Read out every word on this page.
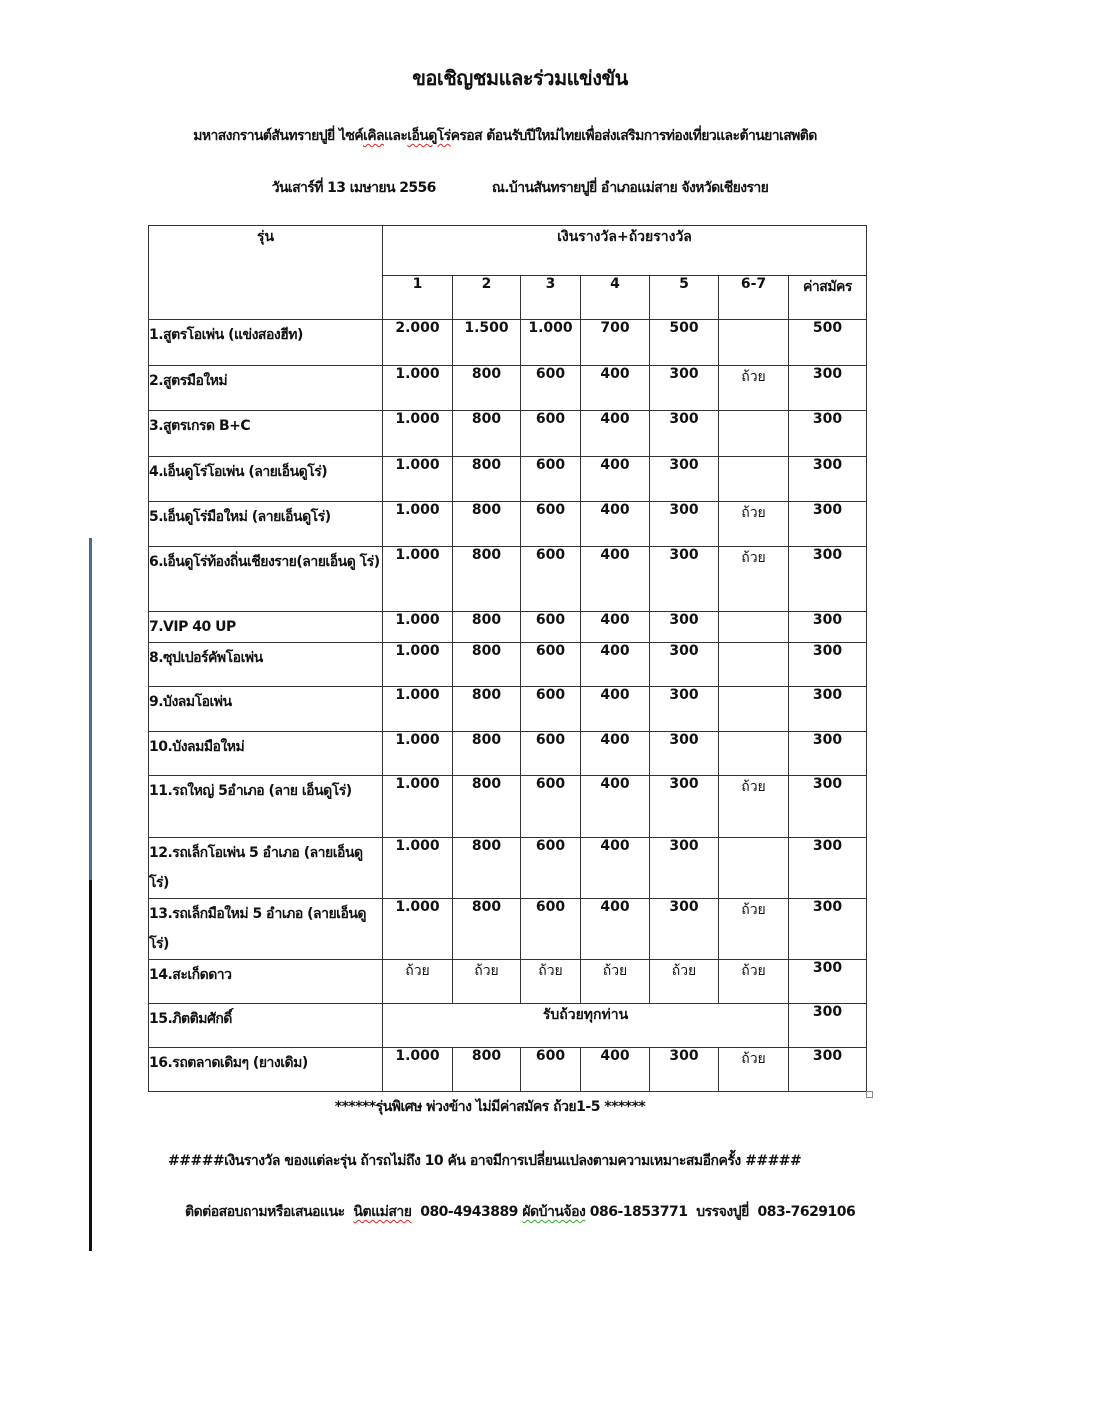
ขอเชิญชมและร่วมแข่งขัน
มหาสงกรานต์สันทรายปูยี่ ไซค์เคิลและเอ็นดูโร่ครอส ต้อนรับปีใหม่ไทยเพื่อส่งเสริมการท่องเที่ยวและต้านยาเสพติด
วันเสาร์ที่ 13 เมษายน 2556	ณ.บ้านสันทรายปูยี่ อำเภอแม่สาย จังหวัดเชียงราย
รุ่น	เงินรางวัล+ถ้วยรางวัล						
	1	2	3	4	5	6-7	ค่าสมัคร
1.สูตรโอเพ่น (แข่งสองฮีท)	2.000	1.500	1.000	700	500		500
2.สูตรมือใหม่	1.000	800	600	400	300	ถ้วย	300
3.สูตรเกรด B+C	1.000	800	600	400	300		300
4.เอ็นดูโร่โอเพ่น (ลายเอ็นดูโร่)	1.000	800	600	400	300		300
5.เอ็นดูโร่มือใหม่ (ลายเอ็นดูโร่)	1.000	800	600	400	300	ถ้วย	300
6.เอ็นดูโร่ท้องถิ่นเชียงราย(ลายเอ็นดู โร่)	1.000	800	600	400	300	ถ้วย	300
7.VIP 40 UP	1.000	800	600	400	300		300
8.ซุปเปอร์คัพโอเพ่น	1.000	800	600	400	300		300
9.บังลมโอเพ่น	1.000	800	600	400	300		300
10.บังลมมือใหม่	1.000	800	600	400	300		300
11.รถใหญ่ 5อำเภอ (ลาย เอ็นดูโร่)	1.000	800	600	400	300	ถ้วย	300
12.รถเล็กโอเพ่น 5 อำเภอ (ลายเอ็นดู โร่)	1.000	800	600	400	300		300
13.รถเล็กมือใหม่ 5 อำเภอ (ลายเอ็นดู โร่)	1.000	800	600	400	300	ถ้วย	300
14.สะเก็ดดาว	ถ้วย	ถ้วย	ถ้วย	ถ้วย	ถ้วย	ถ้วย	300
15.ภิตติมศักดิ์	รับถ้วยทุกท่าน						300
16.รถตลาดเดิมๆ (ยางเดิม)	1.000	800	600	400	300	ถ้วย	300
******รุ่นพิเศษ พ่วงข้าง ไม่มีค่าสมัคร ถ้วย1-5 ******
#####เงินรางวัล ของแต่ละรุ่น ถ้ารถไม่ถึง 10 คัน อาจมีการเปลี่ยนแปลงตามความเหมาะสมอีกครั้ง #####
ติดต่อสอบถามหรือเสนอแนะ นิตแม่สาย 080-4943889 ผัดบ้านจ้อง 086-1853771 บรรจงปูยี่ 083-7629106
